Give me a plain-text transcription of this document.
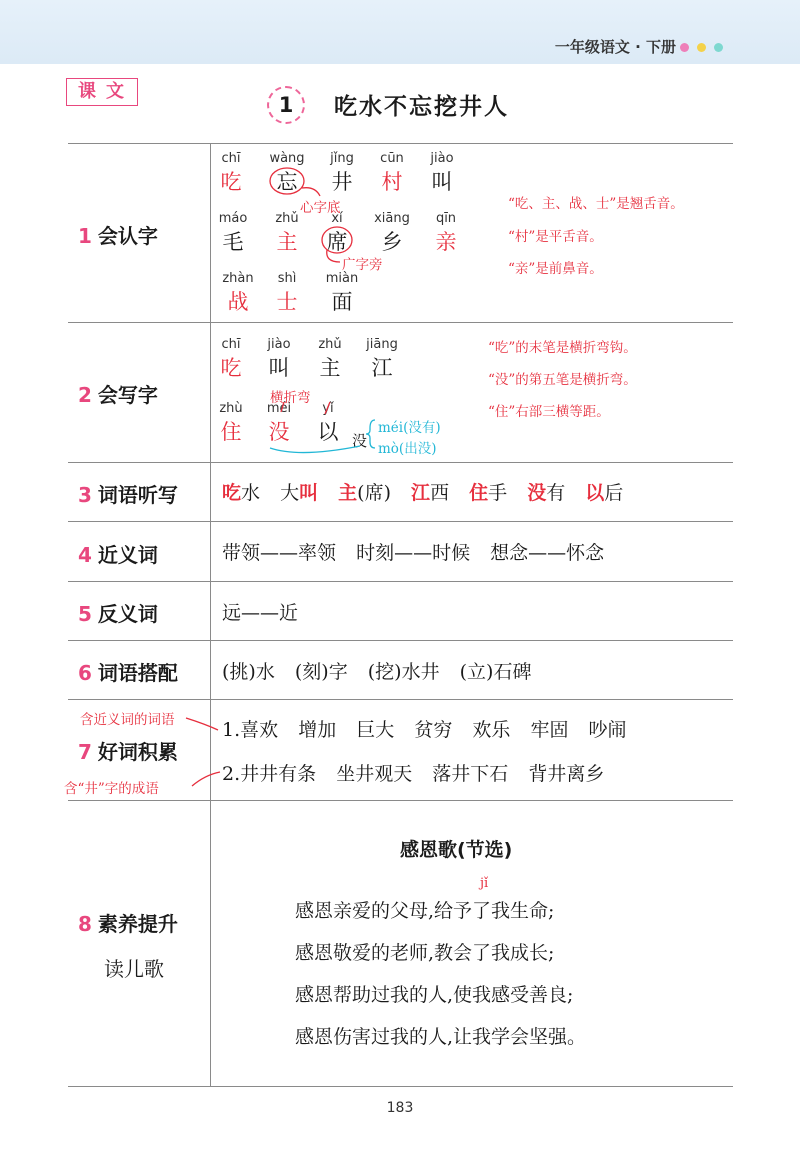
一年级语文 · 下册
课文
1	吃水不忘挖井人
1 会认字
2 会写字
3 词语听写
4 近义词
5 反义词
6 词语搭配
7 好词积累
8 素养提升
读儿歌
chī
吃
wàng
忘
jǐng
井
cūn
村
jiào
叫
máo
毛
zhǔ
主
xí
席
xiāng
乡
qīn
亲
zhàn
战
shì
士
miàn
面
心字底
广字旁
“吃、主、战、士”是翘舌音。
“村”是平舌音。
“亲”是前鼻音。
chī
吃
jiào
叫
zhǔ
主
jiāng
江
zhù
住
méi
没
yǐ
以
横折弯
没
méi(没有)
mò(出没)
“吃”的末笔是横折弯钩。
“没”的第五笔是横折弯。
“住”右部三横等距。
吃水 大叫 主(席) 江西 住手 没有 以后
带领——率领 时刻——时候 想念——怀念
远——近
(挑)水 (刻)字 (挖)水井 (立)石碑
1.喜欢 增加 巨大 贫穷 欢乐 牢固 吵闹
2.井井有条 坐井观天 落井下石 背井离乡
含近义词的词语
含“井”字的成语
感恩歌(节选)
jǐ
感恩亲爱的父母,给予了我生命;
感恩敬爱的老师,教会了我成长;
感恩帮助过我的人,使我感受善良;
感恩伤害过我的人,让我学会坚强。
183
